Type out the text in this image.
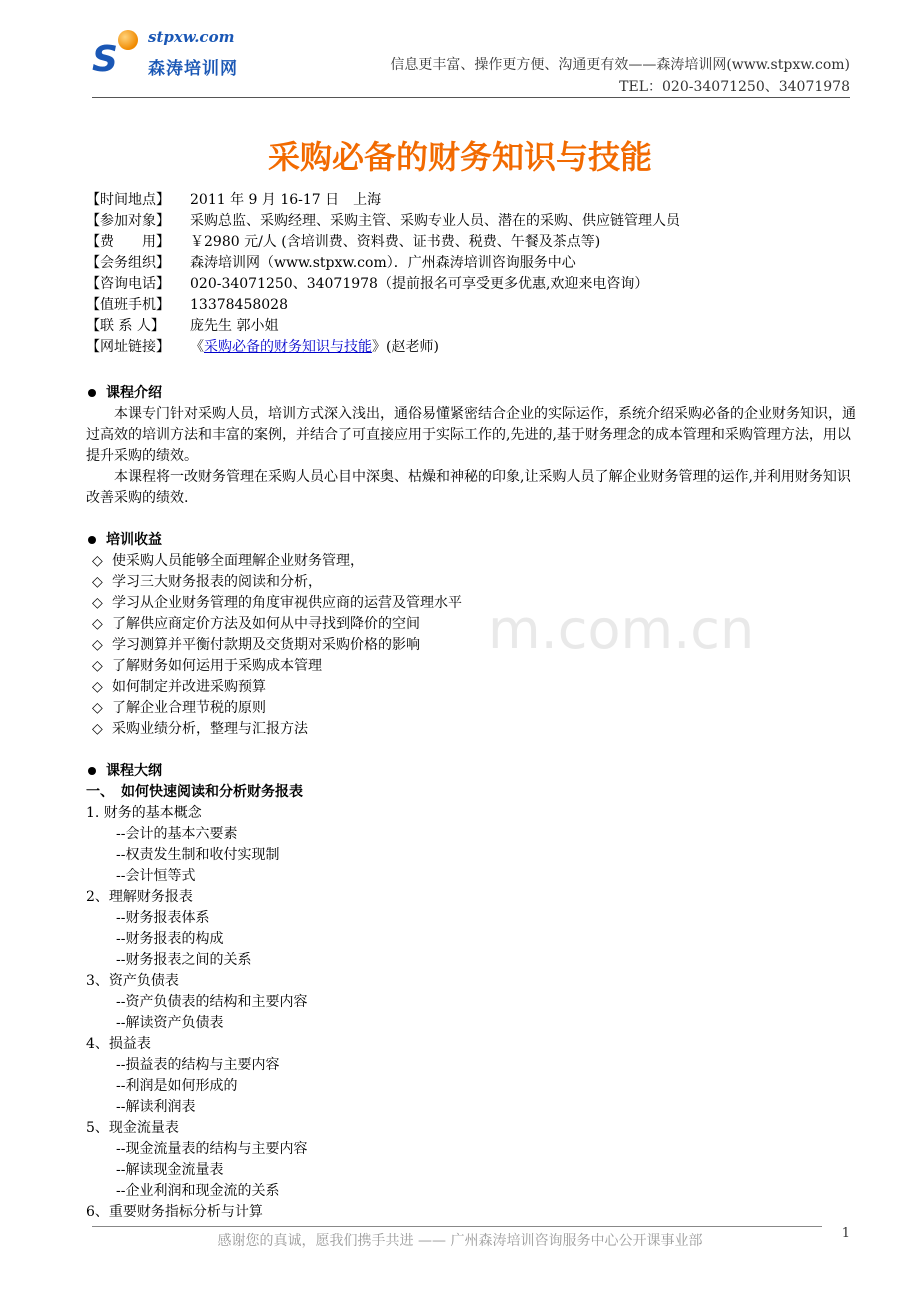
S
stpxw.com
森涛培训网	信息更丰富、操作更方便、沟通更有效——森涛培训网(www.stpxw.com)
TEL：020-34071250、34071978
采购必备的财务知识与技能
m.com.cn
【时间地点】	2011 年 9 月 16-17 日　上海
【参加对象】	采购总监、采购经理、采购主管、采购专业人员、潜在的采购、供应链管理人员
【费　　用】	￥2980 元/人 (含培训费、资料费、证书费、税费、午餐及茶点等)
【会务组织】	森涛培训网（www.stpxw.com）．广州森涛培训咨询服务中心
【咨询电话】	020-34071250、34071978（提前报名可享受更多优惠,欢迎来电咨询）
【值班手机】	13378458028
【联 系 人】	庞先生 郭小姐
【网址链接】	《采购必备的财务知识与技能》(赵老师)
课程介绍
本课专门针对采购人员，培训方式深入浅出，通俗易懂紧密结合企业的实际运作，系统介绍采购必备的企业财务知识，通过高效的培训方法和丰富的案例，并结合了可直接应用于实际工作的,先进的,基于财务理念的成本管理和采购管理方法，用以提升采购的绩效。
本课程将一改财务管理在采购人员心目中深奥、枯燥和神秘的印象,让采购人员了解企业财务管理的运作,并利用财务知识改善采购的绩效.
培训收益
◇ 使采购人员能够全面理解企业财务管理，
◇ 学习三大财务报表的阅读和分析，
◇ 学习从企业财务管理的角度审视供应商的运营及管理水平
◇ 了解供应商定价方法及如何从中寻找到降价的空间
◇ 学习测算并平衡付款期及交货期对采购价格的影响
◇ 了解财务如何运用于采购成本管理
◇ 如何制定并改进采购预算
◇ 了解企业合理节税的原则
◇ 采购业绩分析，整理与汇报方法
课程大纲
一、　如何快速阅读和分析财务报表
1. 财务的基本概念
--会计的基本六要素
--权责发生制和收付实现制
--会计恒等式
2、理解财务报表
--财务报表体系
--财务报表的构成
--财务报表之间的关系
3、资产负债表
--资产负债表的结构和主要内容
--解读资产负债表
4、损益表
--损益表的结构与主要内容
--利润是如何形成的
--解读利润表
5、现金流量表
--现金流量表的结构与主要内容
--解读现金流量表
--企业利润和现金流的关系
6、重要财务指标分析与计算
感谢您的真诚，愿我们携手共进 —— 广州森涛培训咨询服务中心公开课事业部	1
